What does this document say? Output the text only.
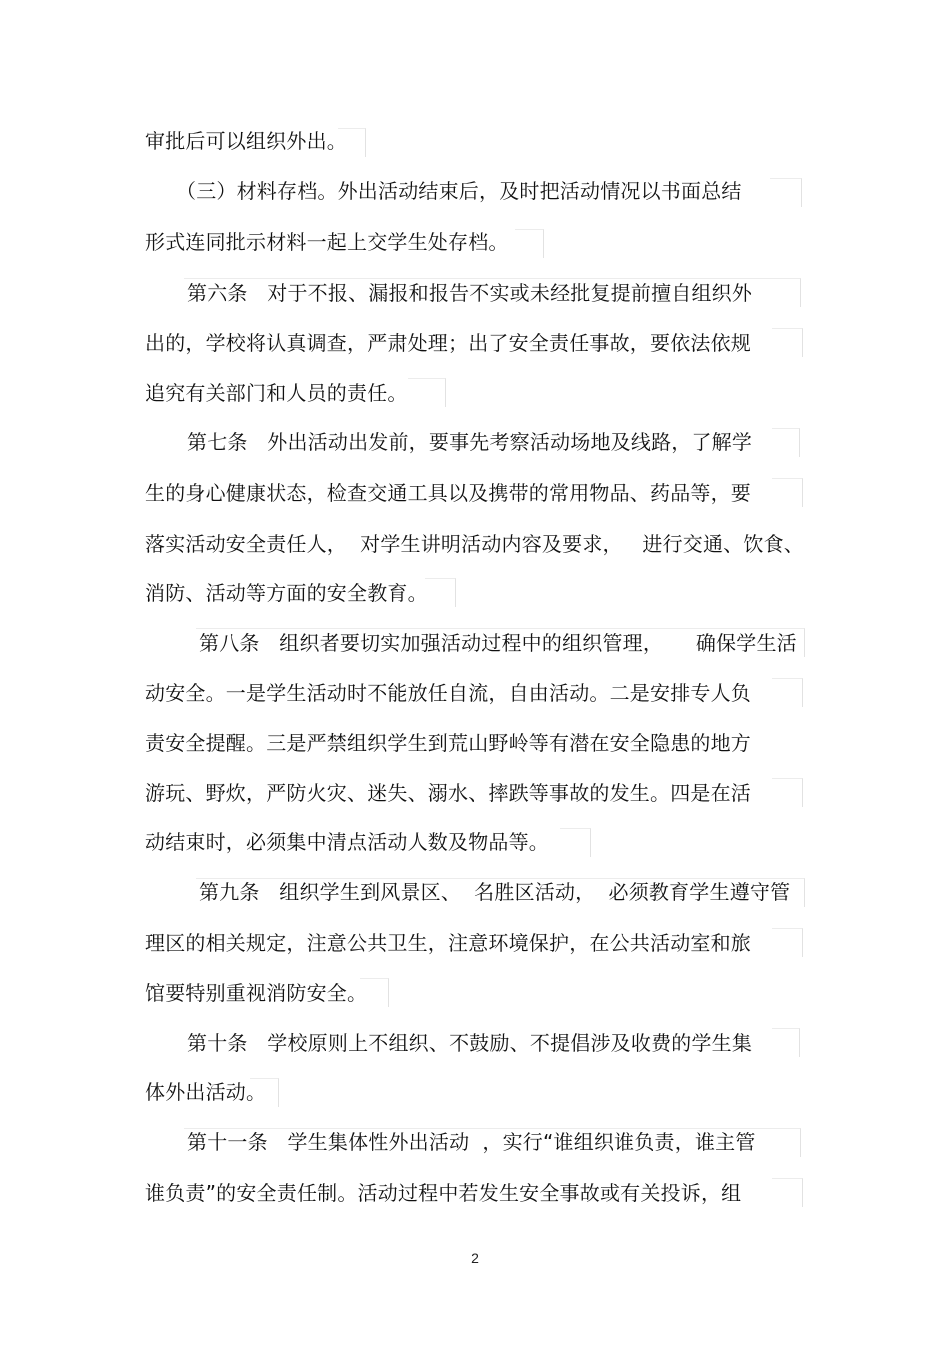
审批后可以组织外出。
（三）材料存档。外出活动结束后，及时把活动情况以书面总结
形式连同批示材料一起上交学生处存档。
第六条   对于不报、漏报和报告不实或未经批复提前擅自组织外
出的，学校将认真调查，严肃处理；出了安全责任事故，要依法依规
追究有关部门和人员的责任。
第七条   外出活动出发前，要事先考察活动场地及线路，了解学
生的身心健康状态，检查交通工具以及携带的常用物品、药品等，要
落实活动安全责任人，  对学生讲明活动内容及要求，   进行交通、饮食、
消防、活动等方面的安全教育。
第八条   组织者要切实加强活动过程中的组织管理，     确保学生活
动安全。一是学生活动时不能放任自流，自由活动。二是安排专人负
责安全提醒。三是严禁组织学生到荒山野岭等有潜在安全隐患的地方
游玩、野炊，严防火灾、迷失、溺水、摔跌等事故的发生。四是在活
动结束时，必须集中清点活动人数及物品等。
第九条   组织学生到风景区、  名胜区活动，  必须教育学生遵守管
理区的相关规定，注意公共卫生，注意环境保护，在公共活动室和旅
馆要特别重视消防安全。
第十条   学校原则上不组织、不鼓励、不提倡涉及收费的学生集
体外出活动。
第十一条   学生集体性外出活动  ，实行“谁组织谁负责，谁主管
谁负责”的安全责任制。活动过程中若发生安全事故或有关投诉，组
2
